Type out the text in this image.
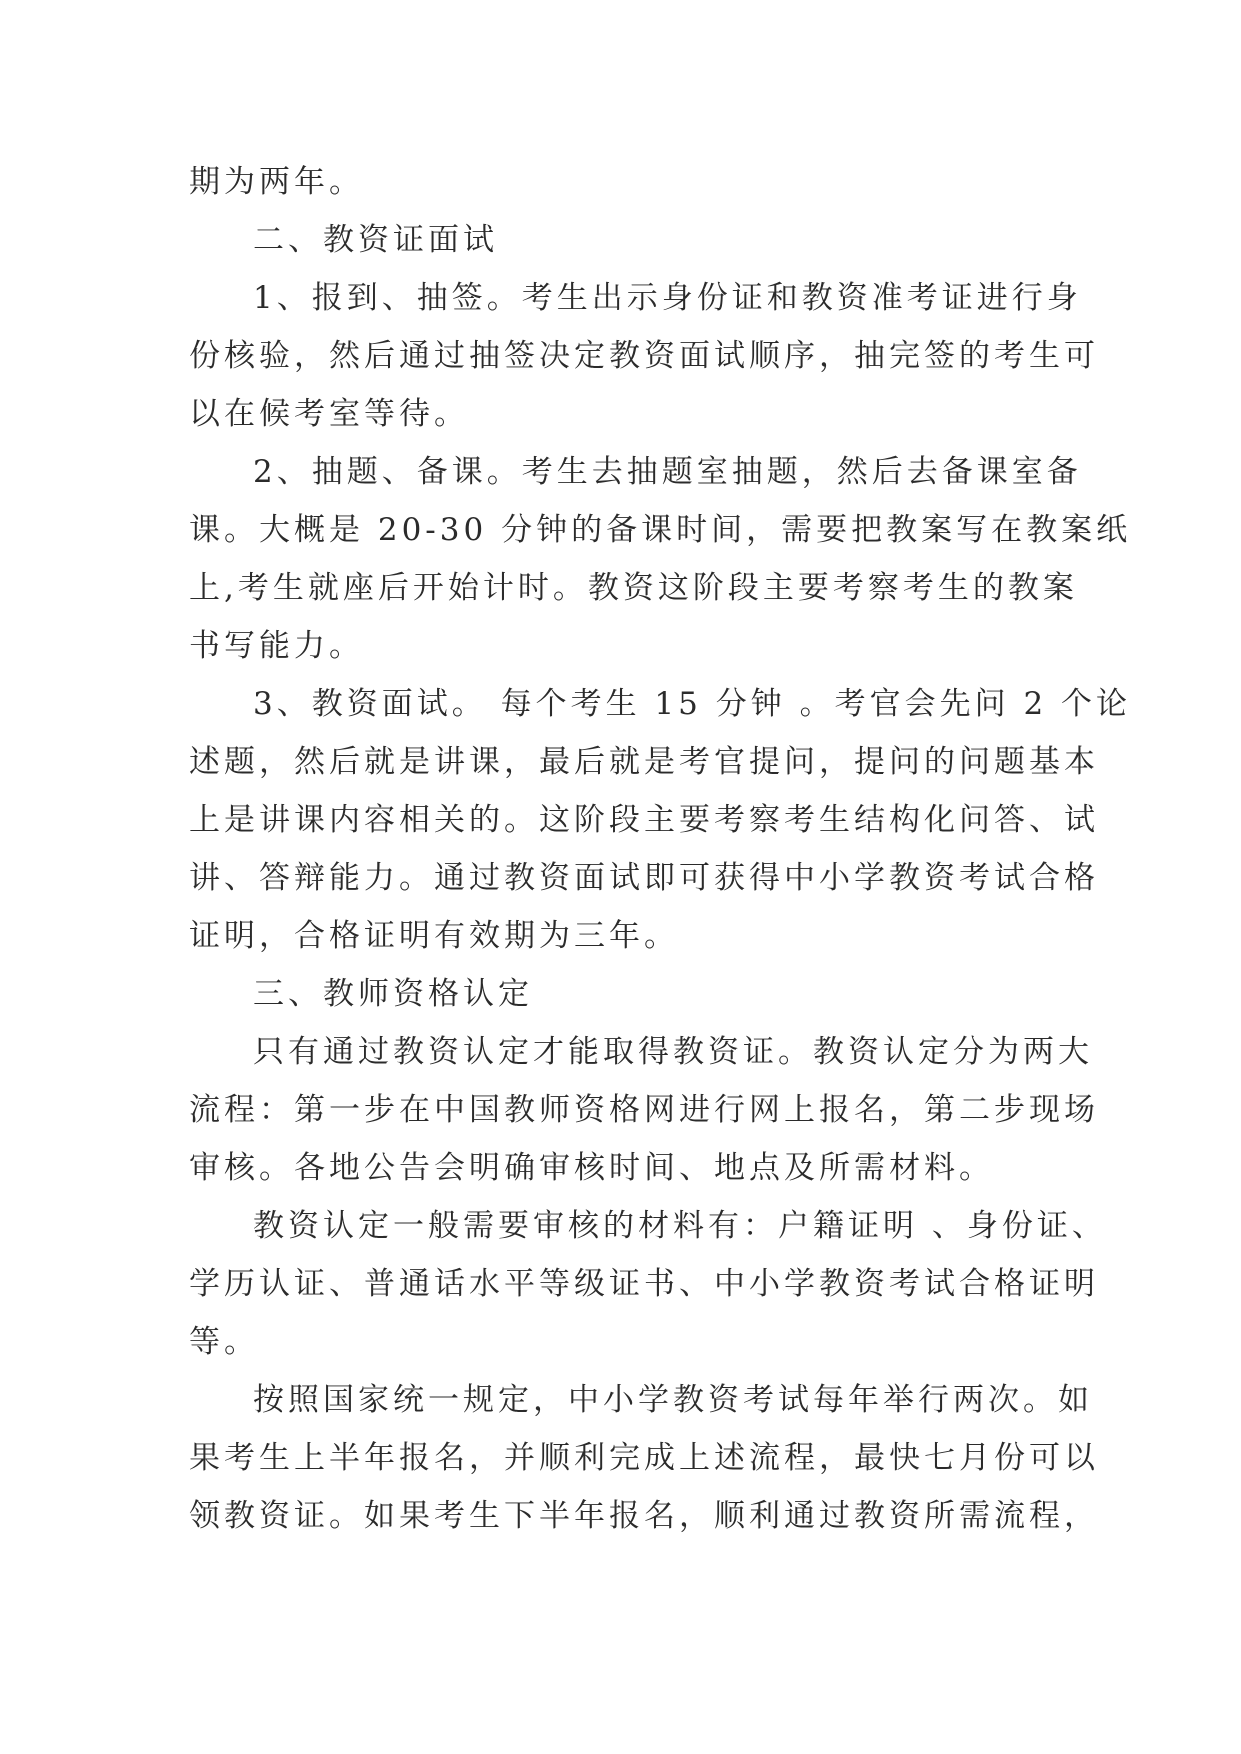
期为两年。
二、教资证面试
1、报到、抽签。考生出示身份证和教资准考证进行身
份核验，然后通过抽签决定教资面试顺序，抽完签的考生可
以在候考室等待。
2、抽题、备课。考生去抽题室抽题，然后去备课室备
课。大概是 20-30 分钟的备课时间，需要把教案写在教案纸
上,考生就座后开始计时。教资这阶段主要考察考生的教案
书写能力。
3、教资面试。 每个考生 15 分钟 。考官会先问 2 个论
述题，然后就是讲课，最后就是考官提问，提问的问题基本
上是讲课内容相关的。这阶段主要考察考生结构化问答、试
讲、答辩能力。通过教资面试即可获得中小学教资考试合格
证明，合格证明有效期为三年。
三、教师资格认定
只有通过教资认定才能取得教资证。教资认定分为两大
流程：第一步在中国教师资格网进行网上报名，第二步现场
审核。各地公告会明确审核时间、地点及所需材料。
教资认定一般需要审核的材料有：户籍证明 、身份证、
学历认证、普通话水平等级证书、中小学教资考试合格证明
等。
按照国家统一规定，中小学教资考试每年举行两次。如
果考生上半年报名，并顺利完成上述流程，最快七月份可以
领教资证。如果考生下半年报名，顺利通过教资所需流程，
